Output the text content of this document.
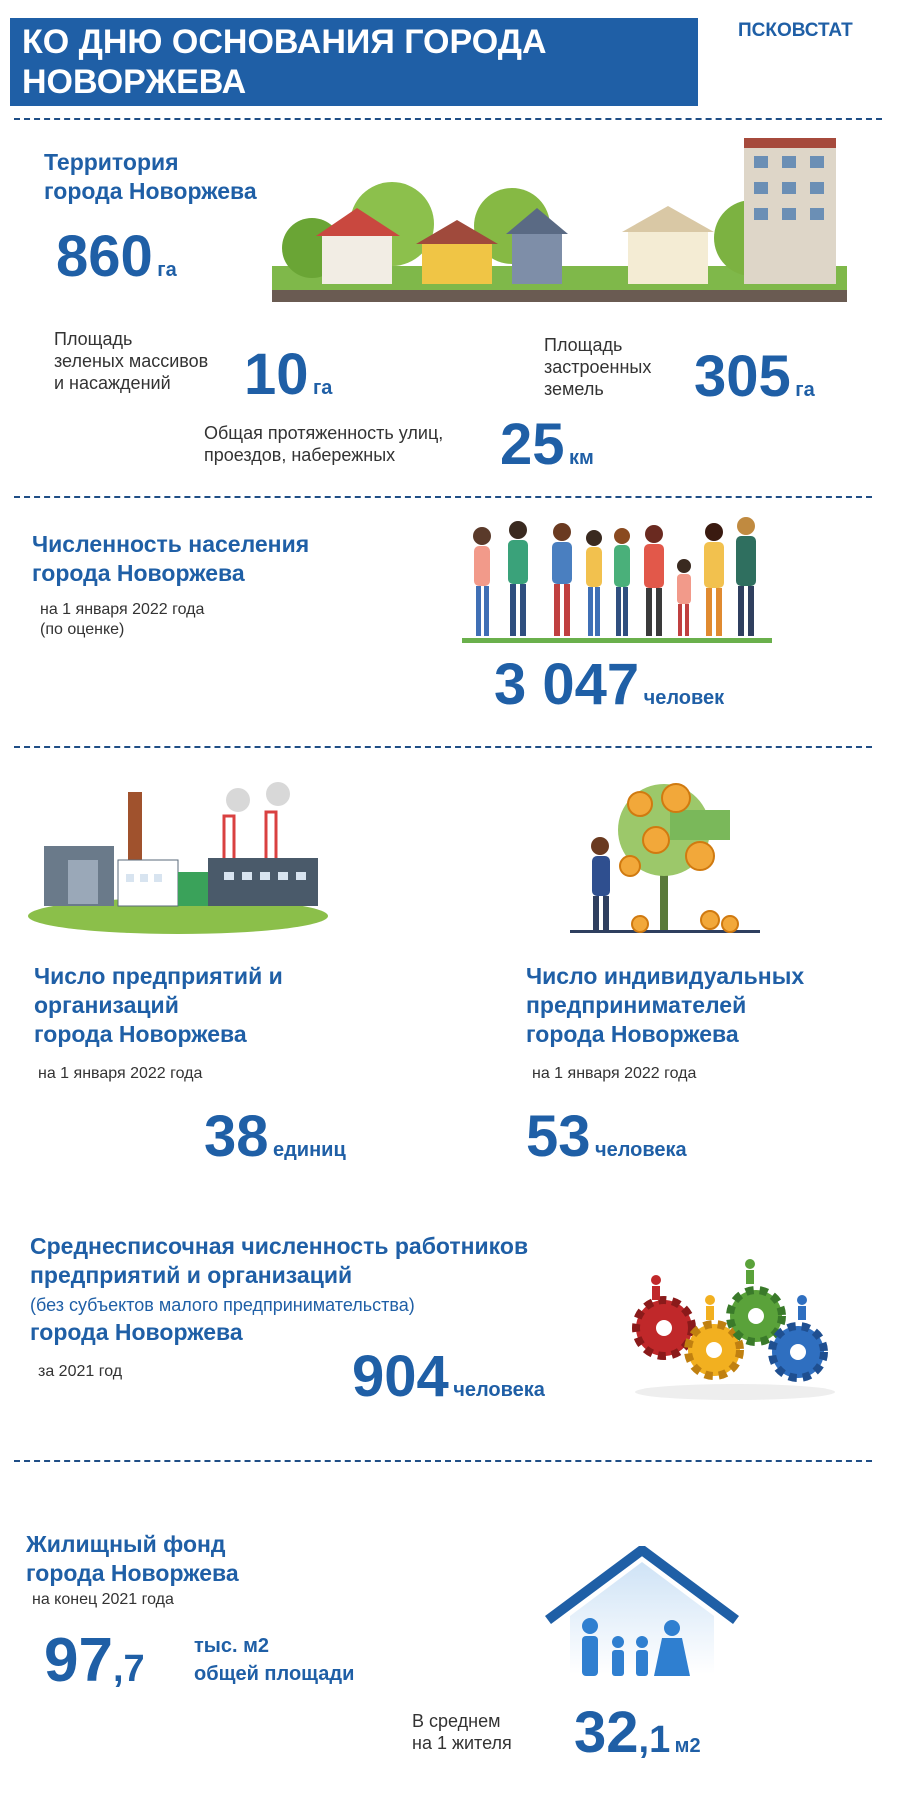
КО ДНЮ ОСНОВАНИЯ ГОРОДА
НОВОРЖЕВА
ПСКОВСТАТ
Территория
города Новоржева
860 га
Площадь
зеленых массивов
и насаждений	10 га
Площадь
застроенных
земель	305 га
Общая протяженность улиц,
проездов, набережных	25 км
Численность населения
города Новоржева
на 1 января 2022 года
(по оценке)
3 047 человек
Число предприятий и
организаций
города Новоржева
на 1 января 2022 года
38 единиц
Число индивидуальных
предпринимателей
города Новоржева
на 1 января 2022 года
53 человека
Среднесписочная численность работников
предприятий и организаций
(без субъектов малого предпринимательства)
города Новоржева
за 2021 год	904 человека
Жилищный фонд
города Новоржева
на конец 2021 года
97,7
тыс. м2
общей площади
В среднем
на 1 жителя 32,1 м2
